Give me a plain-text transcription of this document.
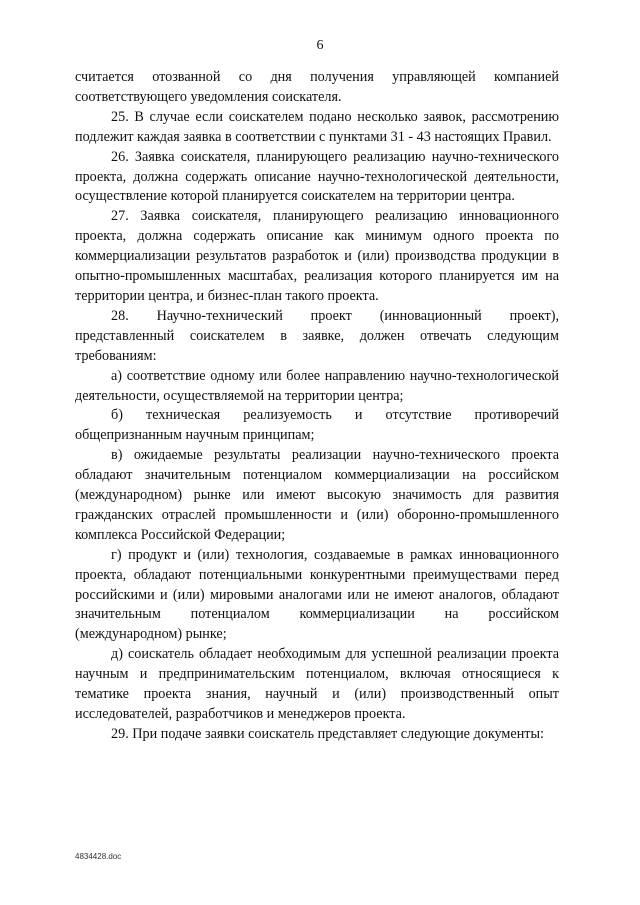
6

считается отозванной со дня получения управляющей компанией соответствующего уведомления соискателя.

25. В случае если соискателем подано несколько заявок, рассмотрению подлежит каждая заявка в соответствии с пунктами 31 - 43 настоящих Правил.

26. Заявка соискателя, планирующего реализацию научно-технического проекта, должна содержать описание научно-технологической деятельности, осуществление которой планируется соискателем на территории центра.

27. Заявка соискателя, планирующего реализацию инновационного проекта, должна содержать описание как минимум одного проекта по коммерциализации результатов разработок и (или) производства продукции в опытно-промышленных масштабах, реализация которого планируется им на территории центра, и бизнес-план такого проекта.

28. Научно-технический проект (инновационный проект), представленный соискателем в заявке, должен отвечать следующим требованиям:

а) соответствие одному или более направлению научно-технологической деятельности, осуществляемой на территории центра;

б) техническая реализуемость и отсутствие противоречий общепризнанным научным принципам;

в) ожидаемые результаты реализации научно-технического проекта обладают значительным потенциалом коммерциализации на российском (международном) рынке или имеют высокую значимость для развития гражданских отраслей промышленности и (или) оборонно-промышленного комплекса Российской Федерации;

г) продукт и (или) технология, создаваемые в рамках инновационного проекта, обладают потенциальными конкурентными преимуществами перед российскими и (или) мировыми аналогами или не имеют аналогов, обладают значительным потенциалом коммерциализации на российском (международном) рынке;

д) соискатель обладает необходимым для успешной реализации проекта научным и предпринимательским потенциалом, включая относящиеся к тематике проекта знания, научный и (или) производственный опыт исследователей, разработчиков и менеджеров проекта.

29. При подаче заявки соискатель представляет следующие документы:

4834428.doc
